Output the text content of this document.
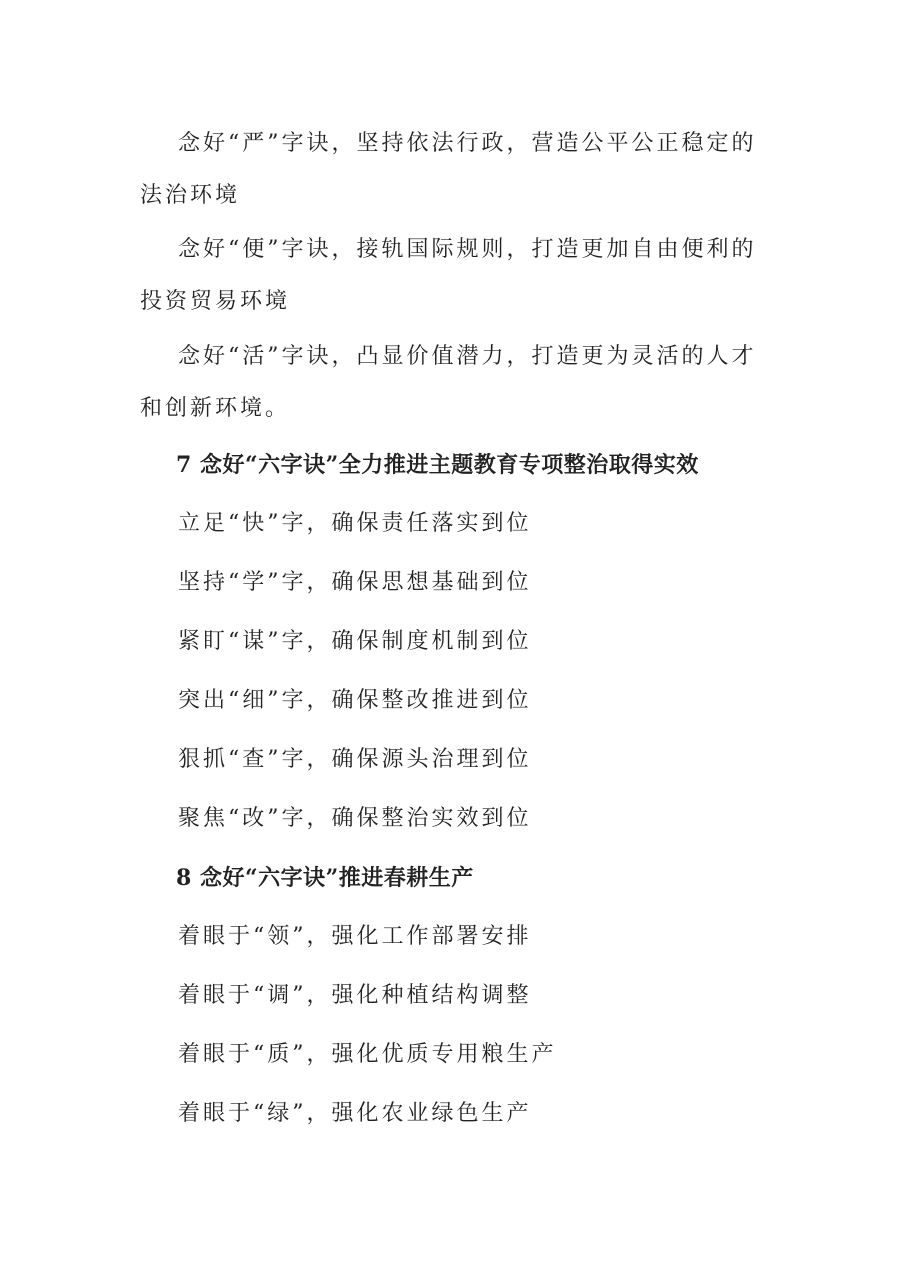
念好“严”字诀，坚持依法行政，营造公平公正稳定的法治环境

念好“便”字诀，接轨国际规则，打造更加自由便利的投资贸易环境

念好“活”字诀，凸显价值潜力，打造更为灵活的人才和创新环境。

7 念好“六字诀”全力推进主题教育专项整治取得实效

立足“快”字，确保责任落实到位

坚持“学”字，确保思想基础到位

紧盯“谋”字，确保制度机制到位

突出“细”字，确保整改推进到位

狠抓“查”字，确保源头治理到位

聚焦“改”字，确保整治实效到位

8 念好“六字诀”推进春耕生产

着眼于“领”，强化工作部署安排

着眼于“调”，强化种植结构调整

着眼于“质”，强化优质专用粮生产

着眼于“绿”，强化农业绿色生产
